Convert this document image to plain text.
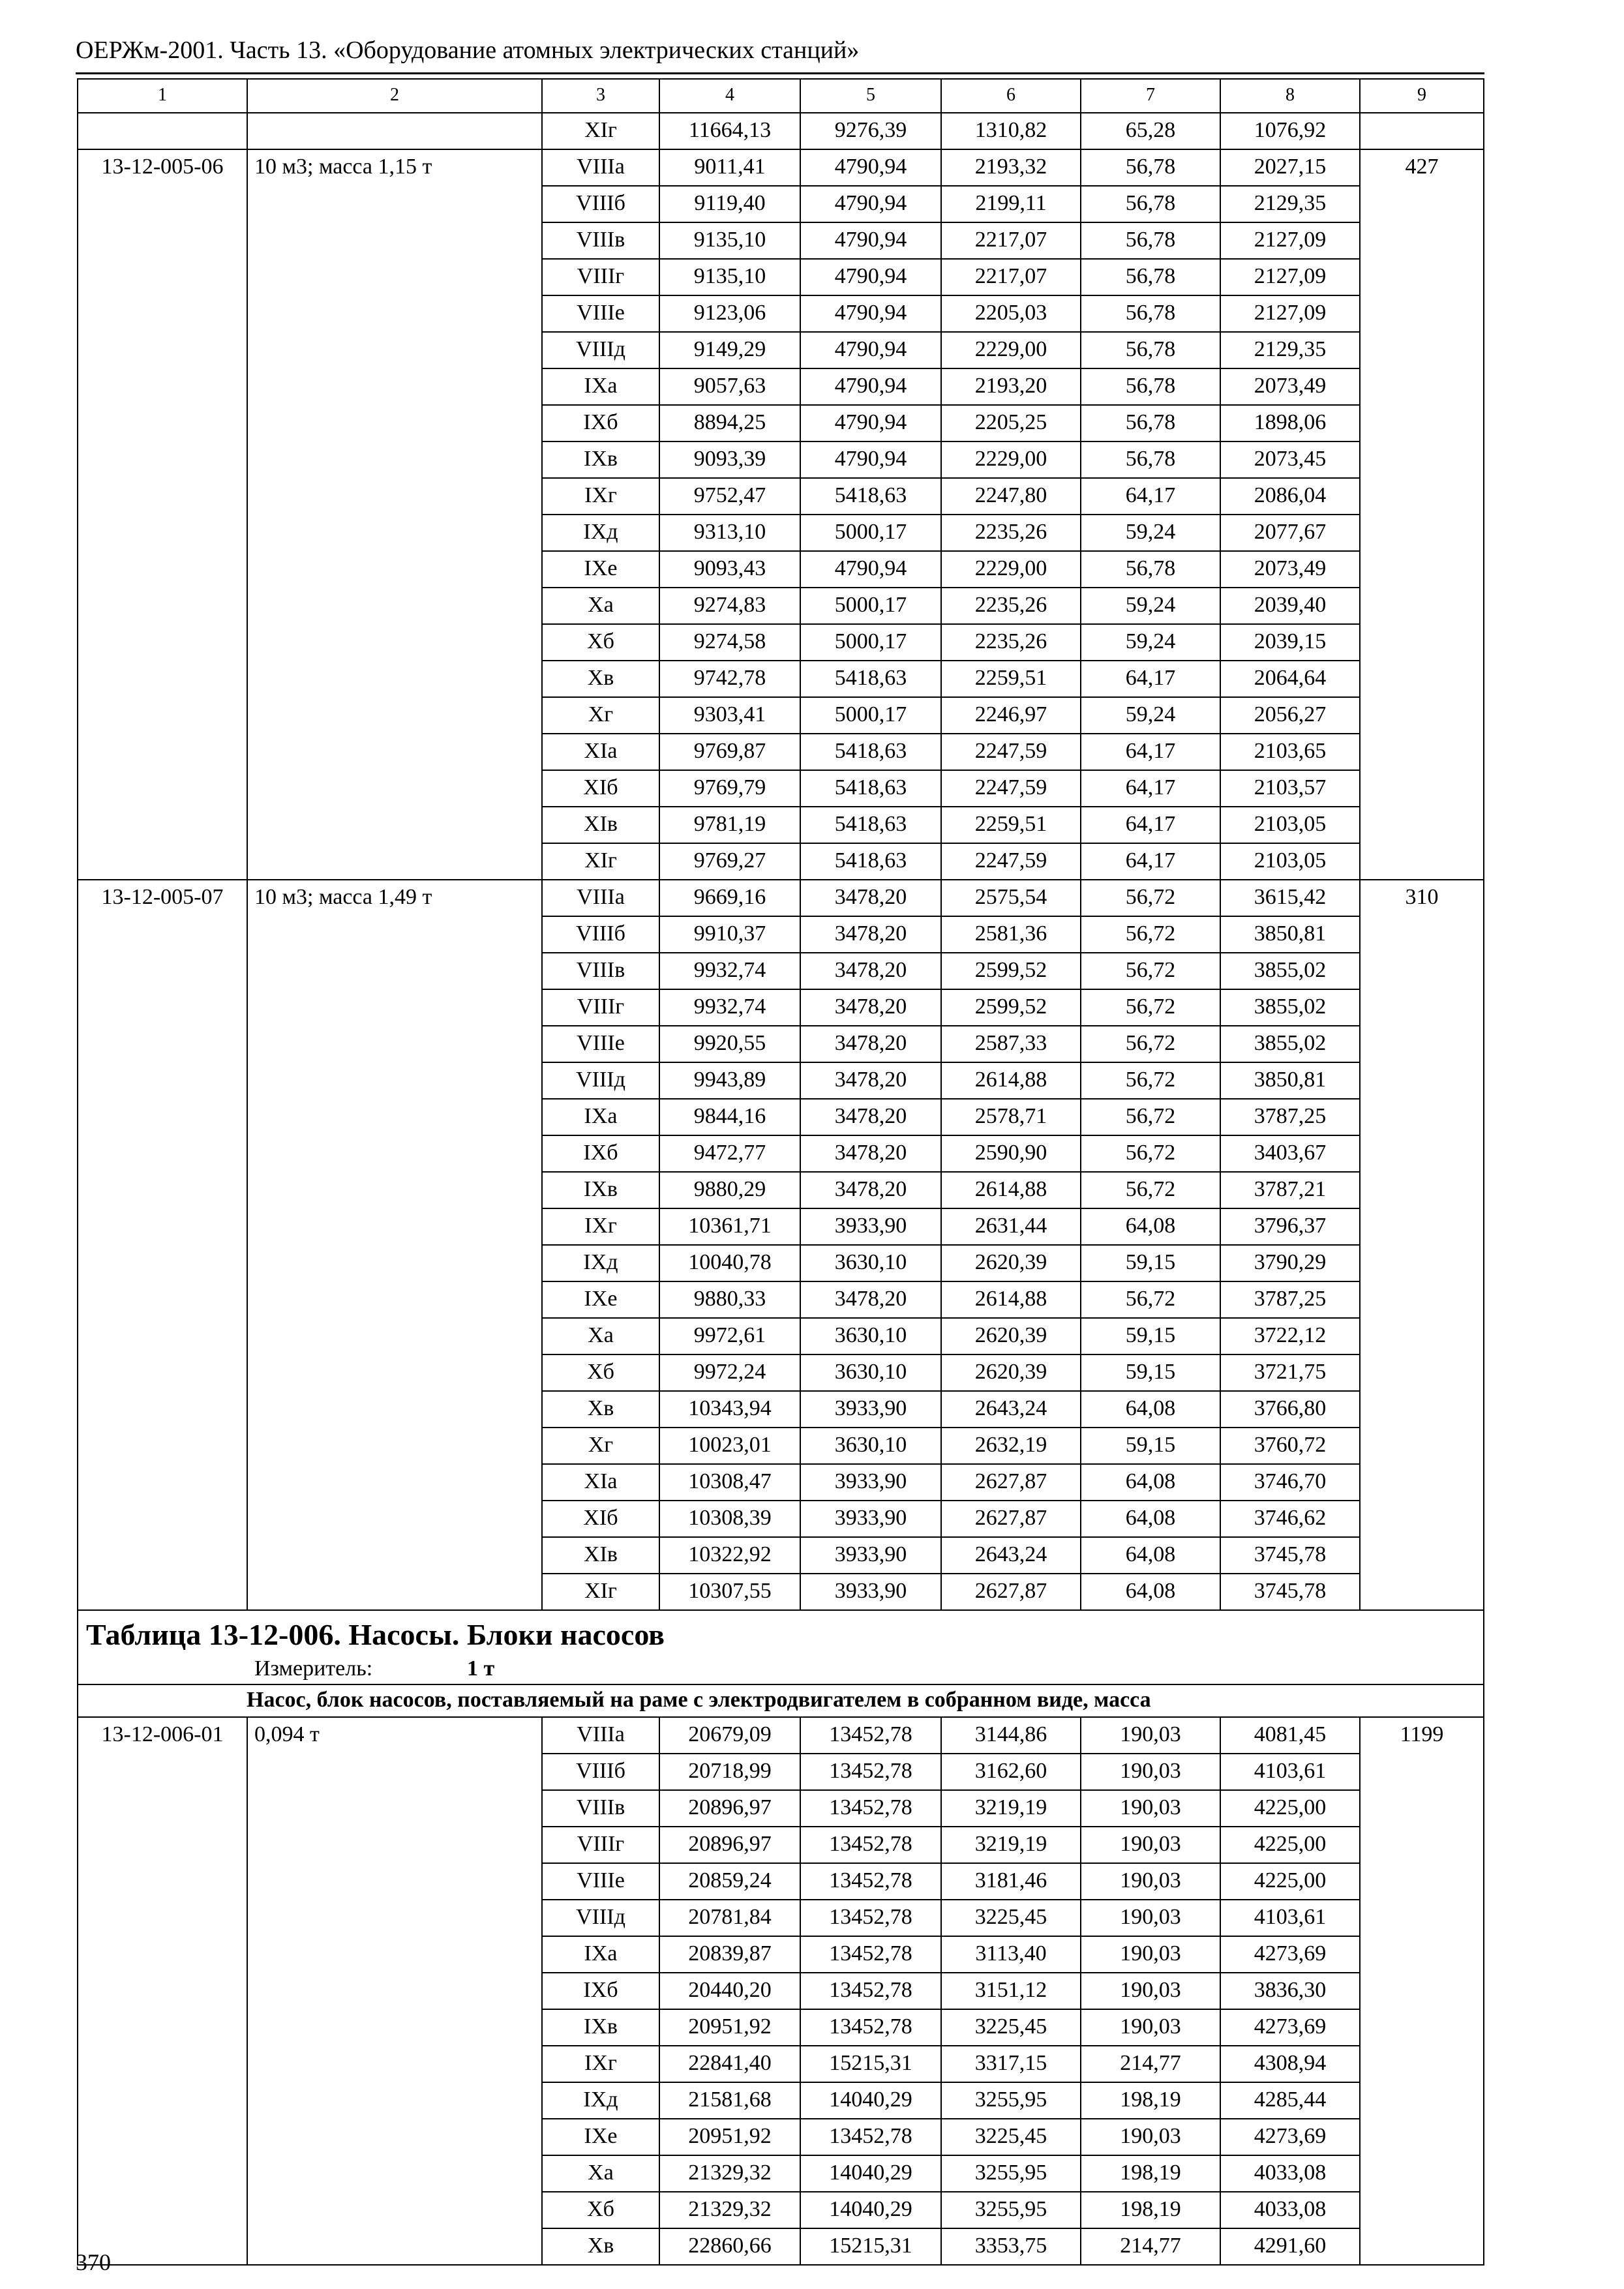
ОЕРЖм-2001. Часть 13. «Оборудование атомных электрических станций»
1	2	3	4	5	6	7	8	9
		XIг	11664,13	9276,39	1310,82	65,28	1076,92	
13-12-005-06	10 м3; масса 1,15 т	VIIIа	9011,41	4790,94	2193,32	56,78	2027,15	427
		VIIIб	9119,40	4790,94	2199,11	56,78	2129,35	
		VIIIв	9135,10	4790,94	2217,07	56,78	2127,09	
		VIIIг	9135,10	4790,94	2217,07	56,78	2127,09	
		VIIIе	9123,06	4790,94	2205,03	56,78	2127,09	
		VIIIд	9149,29	4790,94	2229,00	56,78	2129,35	
		IXа	9057,63	4790,94	2193,20	56,78	2073,49	
		IXб	8894,25	4790,94	2205,25	56,78	1898,06	
		IXв	9093,39	4790,94	2229,00	56,78	2073,45	
		IXг	9752,47	5418,63	2247,80	64,17	2086,04	
		IXд	9313,10	5000,17	2235,26	59,24	2077,67	
		IXе	9093,43	4790,94	2229,00	56,78	2073,49	
		Xа	9274,83	5000,17	2235,26	59,24	2039,40	
		Xб	9274,58	5000,17	2235,26	59,24	2039,15	
		Xв	9742,78	5418,63	2259,51	64,17	2064,64	
		Xг	9303,41	5000,17	2246,97	59,24	2056,27	
		XIа	9769,87	5418,63	2247,59	64,17	2103,65	
		XIб	9769,79	5418,63	2247,59	64,17	2103,57	
		XIв	9781,19	5418,63	2259,51	64,17	2103,05	
		XIг	9769,27	5418,63	2247,59	64,17	2103,05	
13-12-005-07	10 м3; масса 1,49 т	VIIIа	9669,16	3478,20	2575,54	56,72	3615,42	310
		VIIIб	9910,37	3478,20	2581,36	56,72	3850,81	
		VIIIв	9932,74	3478,20	2599,52	56,72	3855,02	
		VIIIг	9932,74	3478,20	2599,52	56,72	3855,02	
		VIIIе	9920,55	3478,20	2587,33	56,72	3855,02	
		VIIIд	9943,89	3478,20	2614,88	56,72	3850,81	
		IXа	9844,16	3478,20	2578,71	56,72	3787,25	
		IXб	9472,77	3478,20	2590,90	56,72	3403,67	
		IXв	9880,29	3478,20	2614,88	56,72	3787,21	
		IXг	10361,71	3933,90	2631,44	64,08	3796,37	
		IXд	10040,78	3630,10	2620,39	59,15	3790,29	
		IXе	9880,33	3478,20	2614,88	56,72	3787,25	
		Xа	9972,61	3630,10	2620,39	59,15	3722,12	
		Xб	9972,24	3630,10	2620,39	59,15	3721,75	
		Xв	10343,94	3933,90	2643,24	64,08	3766,80	
		Xг	10023,01	3630,10	2632,19	59,15	3760,72	
		XIа	10308,47	3933,90	2627,87	64,08	3746,70	
		XIб	10308,39	3933,90	2627,87	64,08	3746,62	
		XIв	10322,92	3933,90	2643,24	64,08	3745,78	
		XIг	10307,55	3933,90	2627,87	64,08	3745,78	

Таблица 13-12-006. Насосы. Блоки насосов
Измеритель: 1 т								

Насос, блок насосов, поставляемый на раме с электродвигателем в собранном виде, масса								
13-12-006-01	0,094 т	VIIIа	20679,09	13452,78	3144,86	190,03	4081,45	1199
		VIIIб	20718,99	13452,78	3162,60	190,03	4103,61	
		VIIIв	20896,97	13452,78	3219,19	190,03	4225,00	
		VIIIг	20896,97	13452,78	3219,19	190,03	4225,00	
		VIIIе	20859,24	13452,78	3181,46	190,03	4225,00	
		VIIIд	20781,84	13452,78	3225,45	190,03	4103,61	
		IXа	20839,87	13452,78	3113,40	190,03	4273,69	
		IXб	20440,20	13452,78	3151,12	190,03	3836,30	
		IXв	20951,92	13452,78	3225,45	190,03	4273,69	
		IXг	22841,40	15215,31	3317,15	214,77	4308,94	
		IXд	21581,68	14040,29	3255,95	198,19	4285,44	
		IXе	20951,92	13452,78	3225,45	190,03	4273,69	
		Xа	21329,32	14040,29	3255,95	198,19	4033,08	
		Xб	21329,32	14040,29	3255,95	198,19	4033,08	
		Xв	22860,66	15215,31	3353,75	214,77	4291,60	
370
